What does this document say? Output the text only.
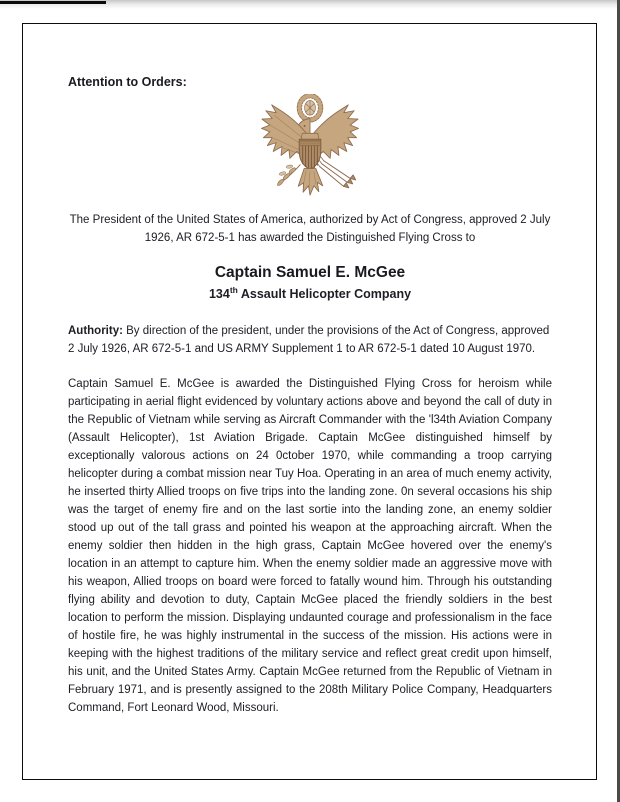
Attention to Orders:

The President of the United States of America, authorized by Act of Congress, approved 2 July 1926, AR 672-5-1 has awarded the Distinguished Flying Cross to

Captain Samuel E. McGee
134th Assault Helicopter Company

Authority: By direction of the president, under the provisions of the Act of Congress, approved 2 July 1926, AR 672-5-1 and US ARMY Supplement 1 to AR 672-5-1 dated 10 August 1970.

Captain Samuel E. McGee is awarded the Distinguished Flying Cross for heroism while participating in aerial flight evidenced by voluntary actions above and beyond the call of duty in the Republic of Vietnam while serving as Aircraft Commander with the 'l34th Aviation Company (Assault Helicopter), 1st Aviation Brigade. Captain McGee distinguished himself by exceptionally valorous actions on 24 0ctober 1970, while commanding a troop carrying helicopter during a combat mission near Tuy Hoa. Operating in an area of much enemy activity, he inserted thirty Allied troops on five trips into the landing zone. 0n several occasions his ship was the target of enemy fire and on the last sortie into the landing zone, an enemy soldier stood up out of the tall grass and pointed his weapon at the approaching aircraft. When the enemy soldier then hidden in the high grass, Captain McGee hovered over the enemy's location in an attempt to capture him. When the enemy soldier made an aggressive move with his weapon, Allied troops on board were forced to fatally wound him. Through his outstanding flying ability and devotion to duty, Captain McGee placed the friendly soldiers in the best location to perform the mission. Displaying undaunted courage and professionalism in the face of hostile fire, he was highly instrumental in the success of the mission. His actions were in keeping with the highest traditions of the military service and reflect great credit upon himself, his unit, and the United States Army. Captain McGee returned from the Republic of Vietnam in February 1971, and is presently assigned to the 208th Military Police Company, Headquarters Command, Fort Leonard Wood, Missouri.
